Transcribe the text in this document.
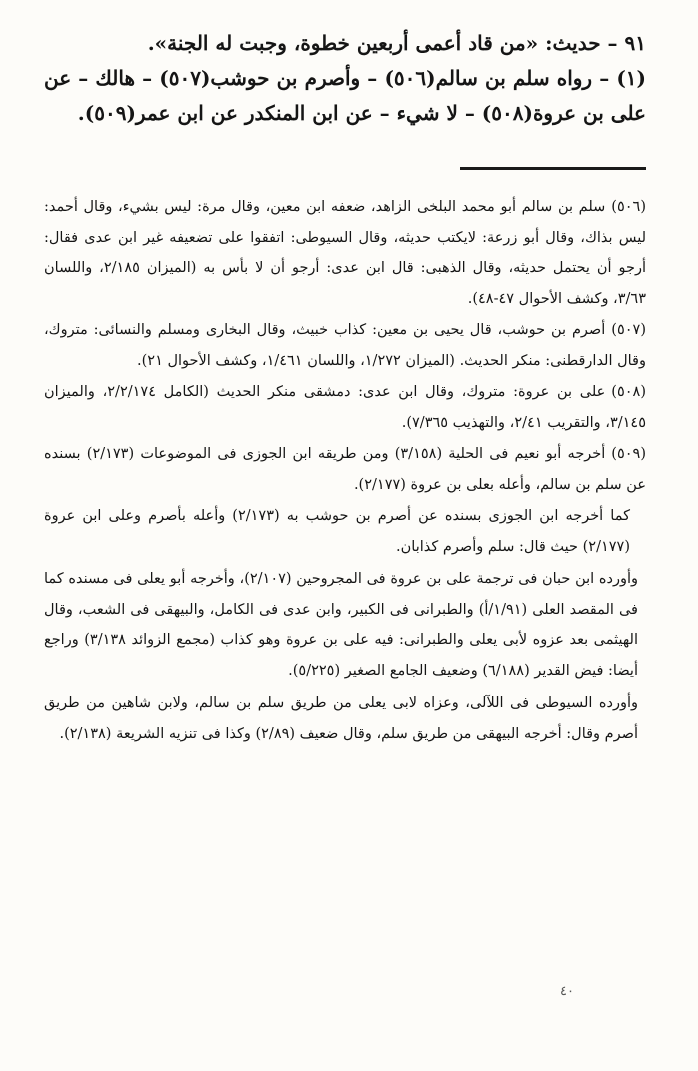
٩١ – حديث: «من قاد أعمى أربعين خطوة، وجبت له الجنة».

(١) – رواه سلم بن سالم(٥٠٦) – وأصرم بن حوشب(٥٠٧) – هالك – عن على بن عروة(٥٠٨) – لا شيء – عن ابن المنكدر عن ابن عمر(٥٠٩).

(٥٠٦)سلم بن سالم أبو محمد البلخى الزاهد، ضعفه ابن معين، وقال مرة: ليس بشيء، وقال أحمد: ليس بذاك، وقال أبو زرعة: لايكتب حديثه، وقال السيوطى: اتفقوا على تضعيفه غير ابن عدى فقال: أرجو أن يحتمل حديثه، وقال الذهبى: قال ابن عدى: أرجو أن لا بأس به (الميزان ٢/١٨٥، واللسان ٣/٦٣، وكشف الأحوال ٤٧-٤٨).

(٥٠٧)أصرم بن حوشب، قال يحيى بن معين: كذاب خبيث، وقال البخارى ومسلم والنسائى: متروك، وقال الدارقطنى: منكر الحديث. (الميزان ١/٢٧٢، واللسان ١/٤٦١، وكشف الأحوال ٢١).

(٥٠٨)على بن عروة: متروك، وقال ابن عدى: دمشقى منكر الحديث (الكامل ٢/٢/١٧٤، والميزان ٣/١٤٥، والتقريب ٢/٤١، والتهذيب ٧/٣٦٥).

(٥٠٩)أخرجه أبو نعيم فى الحلية (٣/١٥٨) ومن طريقه ابن الجوزى فى الموضوعات (٢/١٧٣) بسنده عن سلم بن سالم، وأعله بعلى بن عروة (٢/١٧٧).

كما أخرجه ابن الجوزى بسنده عن أصرم بن حوشب به (٢/١٧٣) وأعله بأصرم وعلى ابن عروة (٢/١٧٧) حيث قال: سلم وأصرم كذابان.

وأورده ابن حبان فى ترجمة على بن عروة فى المجروحين (٢/١٠٧)، وأخرجه أبو يعلى فى مسنده كما فى المقصد العلى (١/٩١/أ) والطبرانى فى الكبير، وابن عدى فى الكامل، والبيهقى فى الشعب، وقال الهيثمى بعد عزوه لأبى يعلى والطبرانى: فيه على بن عروة وهو كذاب (مجمع الزوائد ٣/١٣٨) وراجع أيضا: فيض القدير (٦/١٨٨) وضعيف الجامع الصغير (٥/٢٢٥).

وأورده السيوطى فى اللآلى، وعزاه لابى يعلى من طريق سلم بن سالم، ولابن شاهين من طريق أصرم وقال: أخرجه البيهقى من طريق سلم، وقال ضعيف (٢/٨٩) وكذا فى تنزيه الشريعة (٢/١٣٨).

٤٠
